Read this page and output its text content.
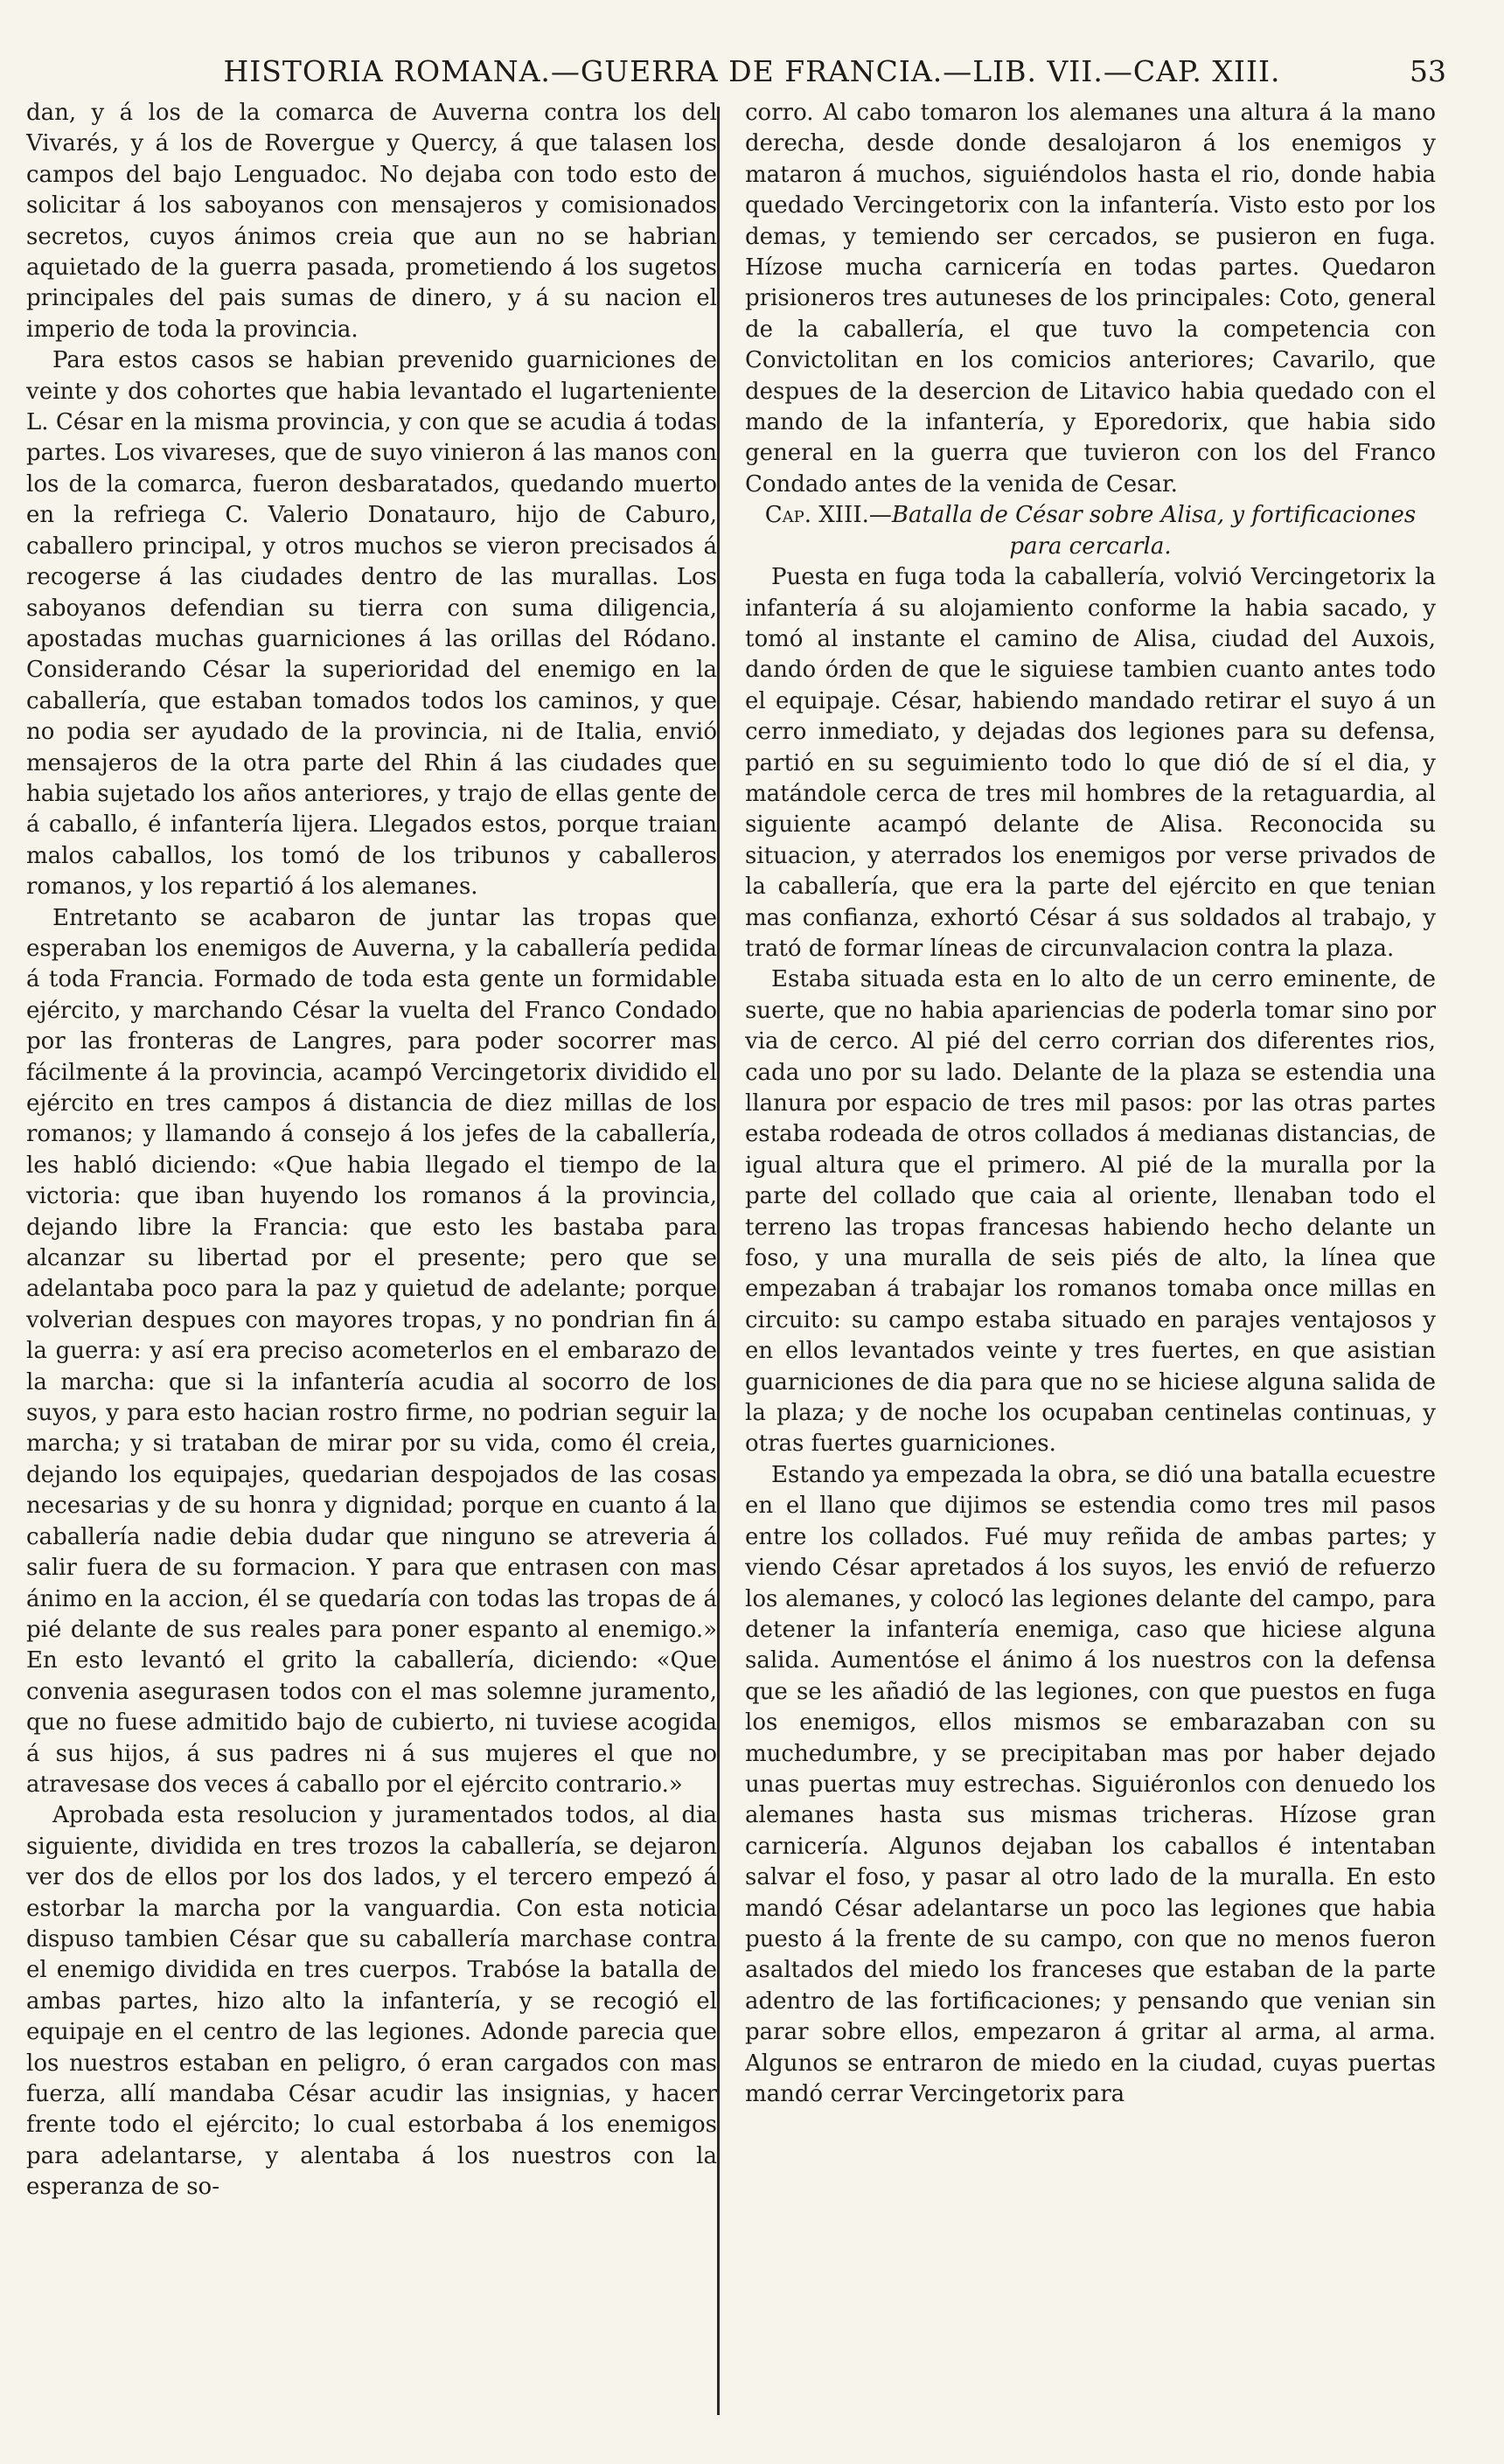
HISTORIA ROMANA.—GUERRA DE FRANCIA.—LIB. VII.—CAP. XIII.	53

dan, y á los de la comarca de Auverna contra los del Vivarés, y á los de Rovergue y Quercy, á que talasen los campos del bajo Lenguadoc. No dejaba con todo esto de solicitar á los saboyanos con mensajeros y comisionados secretos, cuyos ánimos creia que aun no se habrian aquietado de la guerra pasada, prometiendo á los sugetos principales del pais sumas de dinero, y á su nacion el imperio de toda la provincia.

Para estos casos se habian prevenido guarniciones de veinte y dos cohortes que habia levantado el lugarteniente L. César en la misma provincia, y con que se acudia á todas partes. Los vivareses, que de suyo vinieron á las manos con los de la comarca, fueron desbaratados, quedando muerto en la refriega C. Valerio Donatauro, hijo de Caburo, caballero principal, y otros muchos se vieron precisados á recogerse á las ciudades dentro de las murallas. Los saboyanos defendian su tierra con suma diligencia, apostadas muchas guarniciones á las orillas del Ródano. Considerando César la superioridad del enemigo en la caballería, que estaban tomados todos los caminos, y que no podia ser ayudado de la provincia, ni de Italia, envió mensajeros de la otra parte del Rhin á las ciudades que habia sujetado los años anteriores, y trajo de ellas gente de á caballo, é infantería lijera. Llegados estos, porque traian malos caballos, los tomó de los tribunos y caballeros romanos, y los repartió á los alemanes.

Entretanto se acabaron de juntar las tropas que esperaban los enemigos de Auverna, y la caballería pedida á toda Francia. Formado de toda esta gente un formidable ejército, y marchando César la vuelta del Franco Condado por las fronteras de Langres, para poder socorrer mas fácilmente á la provincia, acampó Vercingetorix dividido el ejército en tres campos á distancia de diez millas de los romanos; y llamando á consejo á los jefes de la caballería, les habló diciendo: «Que habia llegado el tiempo de la victoria: que iban huyendo los romanos á la provincia, dejando libre la Francia: que esto les bastaba para alcanzar su libertad por el presente; pero que se adelantaba poco para la paz y quietud de adelante; porque volverian despues con mayores tropas, y no pondrian fin á la guerra: y así era preciso acometerlos en el embarazo de la marcha: que si la infantería acudia al socorro de los suyos, y para esto hacian rostro firme, no podrian seguir la marcha; y si trataban de mirar por su vida, como él creia, dejando los equipajes, quedarian despojados de las cosas necesarias y de su honra y dignidad; porque en cuanto á la caballería nadie debia dudar que ninguno se atreveria á salir fuera de su formacion. Y para que entrasen con mas ánimo en la accion, él se quedaría con todas las tropas de á pié delante de sus reales para poner espanto al enemigo.» En esto levantó el grito la caballería, diciendo: «Que convenia asegurasen todos con el mas solemne juramento, que no fuese admitido bajo de cubierto, ni tuviese acogida á sus hijos, á sus padres ni á sus mujeres el que no atravesase dos veces á caballo por el ejército contrario.»

Aprobada esta resolucion y juramentados todos, al dia siguiente, dividida en tres trozos la caballería, se dejaron ver dos de ellos por los dos lados, y el tercero empezó á estorbar la marcha por la vanguardia. Con esta noticia dispuso tambien César que su caballería marchase contra el enemigo dividida en tres cuerpos. Trabóse la batalla de ambas partes, hizo alto la infantería, y se recogió el equipaje en el centro de las legiones. Adonde parecia que los nuestros estaban en peligro, ó eran cargados con mas fuerza, allí mandaba César acudir las insignias, y hacer frente todo el ejército; lo cual estorbaba á los enemigos para adelantarse, y alentaba á los nuestros con la esperanza de so-

corro. Al cabo tomaron los alemanes una altura á la mano derecha, desde donde desalojaron á los enemigos y mataron á muchos, siguiéndolos hasta el rio, donde habia quedado Vercingetorix con la infantería. Visto esto por los demas, y temiendo ser cercados, se pusieron en fuga. Hízose mucha carnicería en todas partes. Quedaron prisioneros tres autuneses de los principales: Coto, general de la caballería, el que tuvo la competencia con Convictolitan en los comicios anteriores; Cavarilo, que despues de la desercion de Litavico habia quedado con el mando de la infantería, y Eporedorix, que habia sido general en la guerra que tuvieron con los del Franco Condado antes de la venida de Cesar.

Cap. XIII.—Batalla de César sobre Alisa, y fortificaciones para cercarla.

Puesta en fuga toda la caballería, volvió Vercingetorix la infantería á su alojamiento conforme la habia sacado, y tomó al instante el camino de Alisa, ciudad del Auxois, dando órden de que le siguiese tambien cuanto antes todo el equipaje. César, habiendo mandado retirar el suyo á un cerro inmediato, y dejadas dos legiones para su defensa, partió en su seguimiento todo lo que dió de sí el dia, y matándole cerca de tres mil hombres de la retaguardia, al siguiente acampó delante de Alisa. Reconocida su situacion, y aterrados los enemigos por verse privados de la caballería, que era la parte del ejército en que tenian mas confianza, exhortó César á sus soldados al trabajo, y trató de formar líneas de circunvalacion contra la plaza.

Estaba situada esta en lo alto de un cerro eminente, de suerte, que no habia apariencias de poderla tomar sino por via de cerco. Al pié del cerro corrian dos diferentes rios, cada uno por su lado. Delante de la plaza se estendia una llanura por espacio de tres mil pasos: por las otras partes estaba rodeada de otros collados á medianas distancias, de igual altura que el primero. Al pié de la muralla por la parte del collado que caia al oriente, llenaban todo el terreno las tropas francesas habiendo hecho delante un foso, y una muralla de seis piés de alto, la línea que empezaban á trabajar los romanos tomaba once millas en circuito: su campo estaba situado en parajes ventajosos y en ellos levantados veinte y tres fuertes, en que asistian guarniciones de dia para que no se hiciese alguna salida de la plaza; y de noche los ocupaban centinelas continuas, y otras fuertes guarniciones.

Estando ya empezada la obra, se dió una batalla ecuestre en el llano que dijimos se estendia como tres mil pasos entre los collados. Fué muy reñida de ambas partes; y viendo César apretados á los suyos, les envió de refuerzo los alemanes, y colocó las legiones delante del campo, para detener la infantería enemiga, caso que hiciese alguna salida. Aumentóse el ánimo á los nuestros con la defensa que se les añadió de las legiones, con que puestos en fuga los enemigos, ellos mismos se embarazaban con su muchedumbre, y se precipitaban mas por haber dejado unas puertas muy estrechas. Siguiéronlos con denuedo los alemanes hasta sus mismas tricheras. Hízose gran carnicería. Algunos dejaban los caballos é intentaban salvar el foso, y pasar al otro lado de la muralla. En esto mandó César adelantarse un poco las legiones que habia puesto á la frente de su campo, con que no menos fueron asaltados del miedo los franceses que estaban de la parte adentro de las fortificaciones; y pensando que venian sin parar sobre ellos, empezaron á gritar al arma, al arma. Algunos se entraron de miedo en la ciudad, cuyas puertas mandó cerrar Vercingetorix para
